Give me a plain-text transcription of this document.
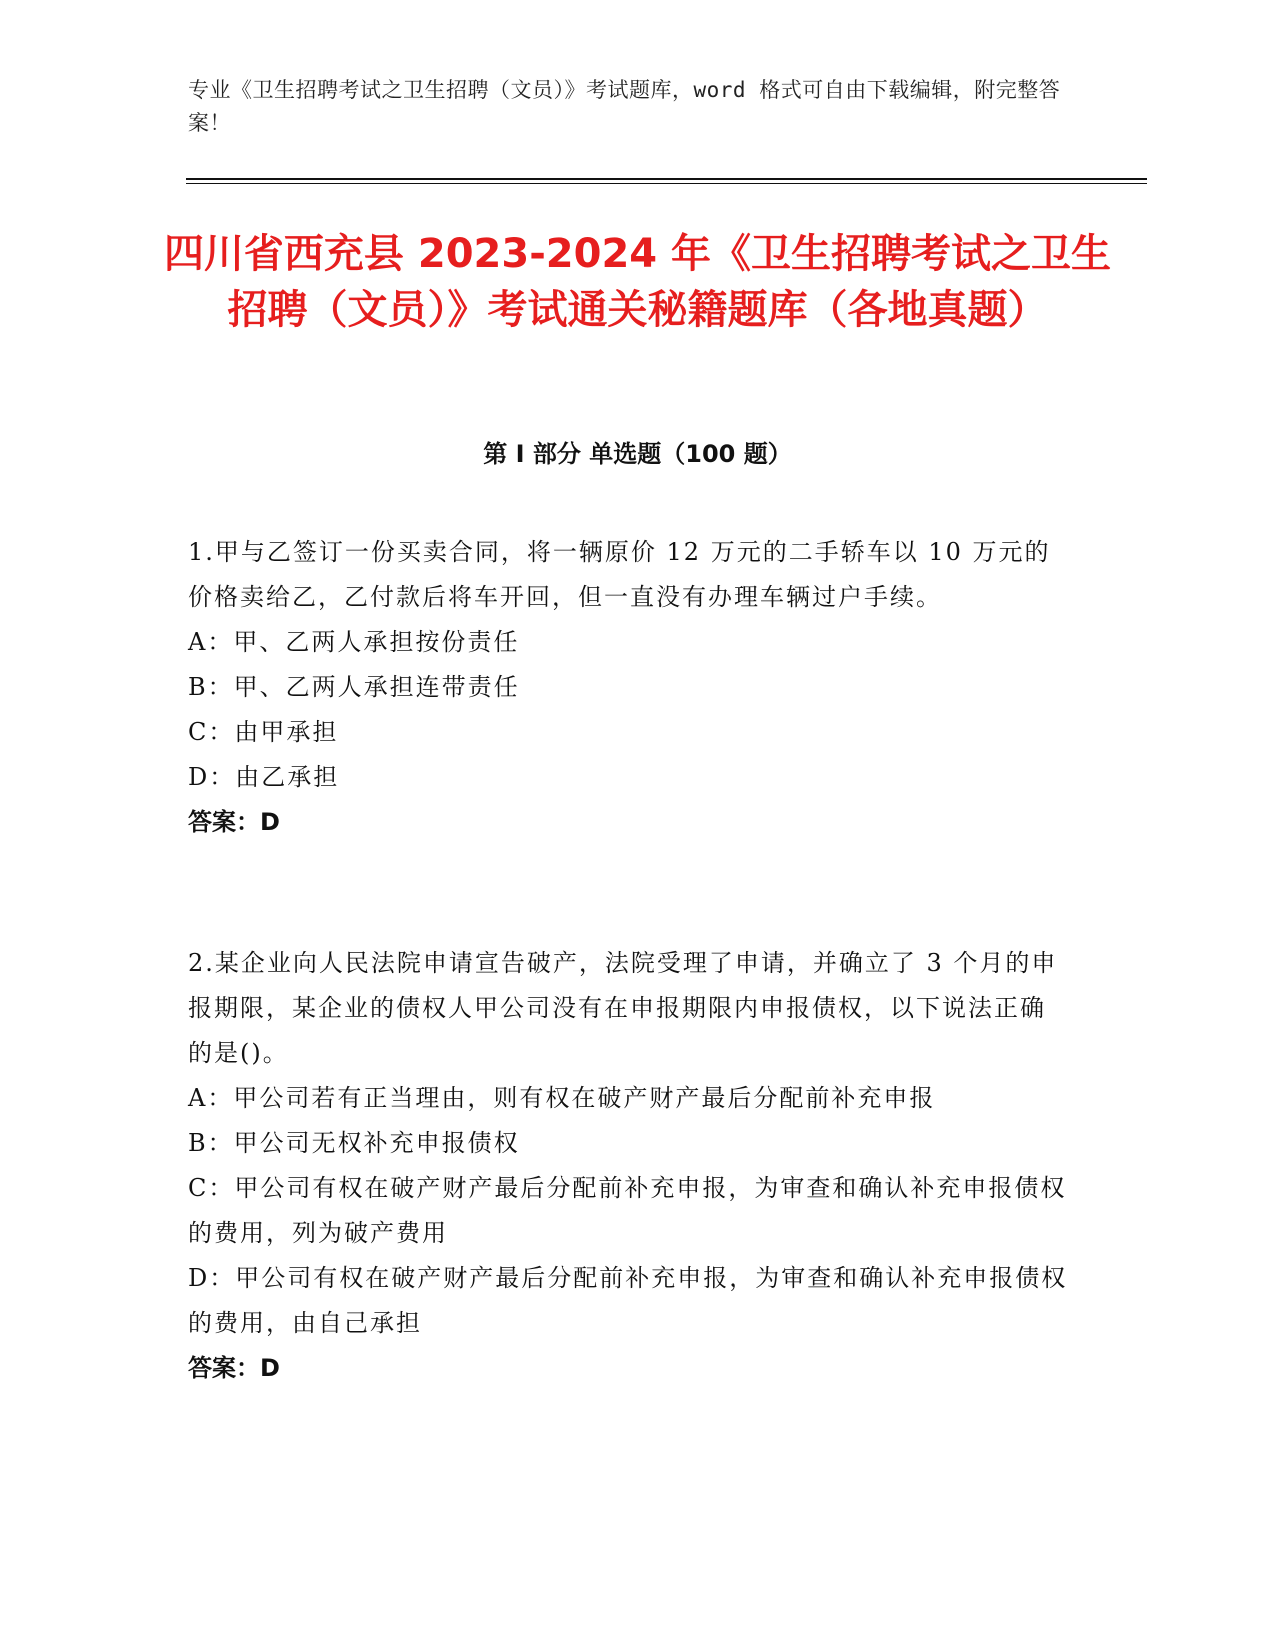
专业《卫生招聘考试之卫生招聘（文员）》考试题库，word 格式可自由下载编辑，附完整答案！
四川省西充县 2023-2024 年《卫生招聘考试之卫生招聘（文员）》考试通关秘籍题库（各地真题）
第 I 部分 单选题（100 题）
1.甲与乙签订一份买卖合同，将一辆原价 12 万元的二手轿车以 10 万元的价格卖给乙，乙付款后将车开回，但一直没有办理车辆过户手续。
A：甲、乙两人承担按份责任
B：甲、乙两人承担连带责任
C：由甲承担
D：由乙承担
答案：D
2.某企业向人民法院申请宣告破产，法院受理了申请，并确立了 3 个月的申报期限，某企业的债权人甲公司没有在申报期限内申报债权，以下说法正确的是()。
A：甲公司若有正当理由，则有权在破产财产最后分配前补充申报
B：甲公司无权补充申报债权
C：甲公司有权在破产财产最后分配前补充申报，为审查和确认补充申报债权的费用，列为破产费用
D：甲公司有权在破产财产最后分配前补充申报，为审查和确认补充申报债权的费用，由自己承担
答案：D
